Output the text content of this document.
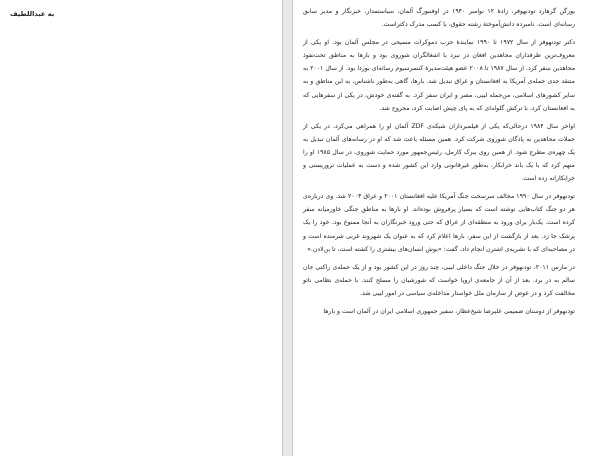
به عبداللطیف	یورگن گرهارد تودنهوفر، زادهٔ ۱۲ نوامبر ۱۹۴۰ در اوفنبورگ آلمان، سیاستمدار، خبرنگار و مدیر سابق رسانه‌ای است. نامبرده دانش‌آموختهٔ رشته حقوق، با کسب مدرک دکتراست.

دکتر تودنهوفر از سال ۱۹۷۲ تا ۱۹۹۰ نمایندهٔ حزب دموکرات مسیحی در مجلس آلمان بود. او یکی از معروف‌ترین طرفداران مجاهدین افغان در نبرد با اشغالگران شوروی بود و بارها به مناطق تحت‌نفوذ مجاهدین سفر کرد. از سال ۱۹۸۷ تا ۲۰۰۸ عضو هیئت‌مدیرهٔ کنسرسیوم رسانه‌ای بوردا بود. از سال ۲۰۰۱ به منتقد جدی حمله‌ی آمریکا به افغانستان و عراق تبدیل شد. بارها، گاهی به‌طور ناشناس، به این مناطق و به سایر کشورهای اسلامی، من‌جمله لیبی، مصر و ایران سفر کرد. به گفته‌ی خودش، در یکی از سفرهایی که به افغانستان کرد، با ترکش گلوله‌ای که به پای چپش اصابت کرد، مجروح شد.

اواخر سال ۱۹۸۴ درحالی‌که یکی از فیلمبرداران شبکه‌ی ZDF آلمان او را همراهی می‌کرد، در یکی از حملات مجاهدین به پادگان شوروی شرکت کرد. همین مسئله باعث شد که او در رسانه‌های آلمان تبدیل به یک چهره‌ی مطرح شود. از همین روی ببرک کارمل، رئیس‌جمهور مورد حمایت شوروی، در سال ۱۹۸۵ او را متهم کرد که با یک باند خرابکار، به‌طور غیرقانونی وارد این کشور شده و دست به عملیات تروریستی و خرابکارانه زده است.

تودنهوفر در سال ۱۹۹۰ مخالف سرسخت جنگ آمریکا علیه افغانستان ۲۰۰۱ و عراق ۲۰۰۳ شد. وی درباره‌ی هر دو جنگ کتاب‌هایی نوشته است که بسیار پرفروش بوده‌اند. او بارها به مناطق جنگی خاورمیانه سفر کرده است. یک‌بار برای ورود به منطقه‌ای از عراق که حتی ورود خبرنگاران به آنجا ممنوع بود، خود را یک پزشک جا زد. بعد از بازگشت از این سفر، بارها اعلام کرد که به عنوان یک شهروند غربی شرمنده است و در مصاحبه‌ای که با نشریه‌ی اشترن انجام داد، گفت: «بوش انسان‌های بیشتری را کشته است، تا بن‌لادن.»

در مارس ۲۰۱۱، تودنهوفر در خلال جنگ داخلی لیبی، چند روز در این کشور بود و از یک حمله‌ی راکتی جان سالم به در برد. بعد از آن از جامعه‌ی اروپا خواست که شورشیان را مسلح کنند. با حمله‌ی نظامی ناتو مخالفت کرد و در عوض از سازمان ملل خواستار مداخله‌ی سیاسی در امور لیبی شد.

تودنهوفر از دوستان صمیمی علیرضا شیخ‌عطار، سفیر جمهوری اسلامی ایران در آلمان است و بارها
